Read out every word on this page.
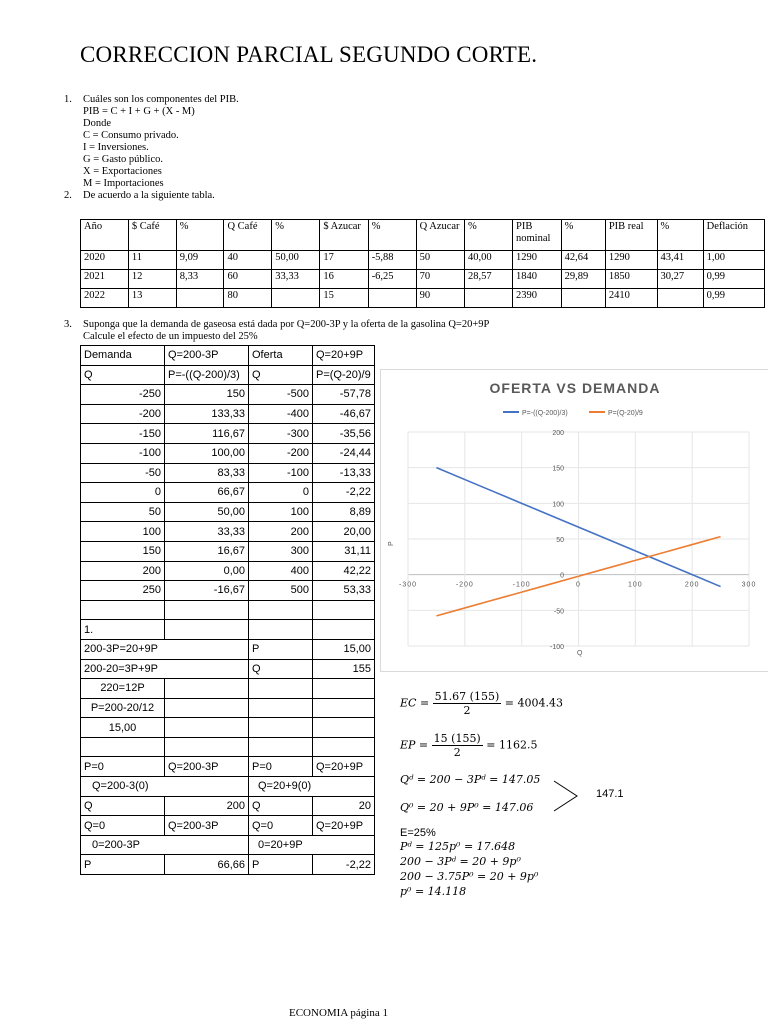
CORRECCION PARCIAL SEGUNDO CORTE.
1.	Cuáles son los componentes del PIB.
PIB = C + I + G + (X - M)
Donde
C = Consumo privado.
I = Inversiones.
G = Gasto público.
X = Exportaciones
M = Importaciones
2.	De acuerdo a la siguiente tabla.
Año	$ Café	%	Q Café	%	$ Azucar	%	Q Azucar	%	PIB nominal	%	PIB real	%	Deflación
2020	11	9,09	40	50,00	17	-5,88	50	40,00	1290	42,64	1290	43,41	1,00
2021	12	8,33	60	33,33	16	-6,25	70	28,57	1840	29,89	1850	30,27	0,99
2022	13		80		15		90		2390		2410		0,99
3. Suponga que la demanda de gaseosa está dada por Q=200-3P y la oferta de la gasolina Q=20+9P
Calcule el efecto de un impuesto del 25%
Demanda	Q=200-3P	Oferta	Q=20+9P
Q	P=-((Q-200)/3)	Q	P=(Q-20)/9
-250	150	-500	-57,78
-200	133,33	-400	-46,67
-150	116,67	-300	-35,56
-100	100,00	-200	-24,44
-50	83,33	-100	-13,33
0	66,67	0	-2,22
50	50,00	100	8,89
100	33,33	200	20,00
150	16,67	300	31,11
200	0,00	400	42,22
250	-16,67	500	53,33

1.			
200-3P=20+9P		P	15,00
200-20=3P+9P		Q	155
220=12P			
P=200-20/12			
15,00			

P=0	Q=200-3P	P=0	Q=20+9P
Q=200-3(0)		Q=20+9(0)	
Q	200	Q	20
Q=0	Q=200-3P	Q=0	Q=20+9P
0=200-3P		0=20+9P	
P	66,66	P	-2,22
OFERTA VS DEMANDA
P=-((Q-200)/3)	P=(Q-20)/9
-100
-50
0
50
100
150
200
-300	-200	-100	0	100	200	300
P
Q
EC = $\frac{51.67 (155)}{2} = 4004.43$
EP = $\frac{15 (155)}{2} = 1162.5$
Qᵈ = 200 − 3Pᵈ = 147.05
Q⁰ = 20 + 9P⁰ = 147.06
147.1
E=25%
Pᵈ = 125p⁰ = 17.648
200 − 3Pᵈ = 20 + 9p⁰
200 − 3.75P⁰ = 20 + 9p⁰
p⁰ = 14.118
ECONOMIA página 1
